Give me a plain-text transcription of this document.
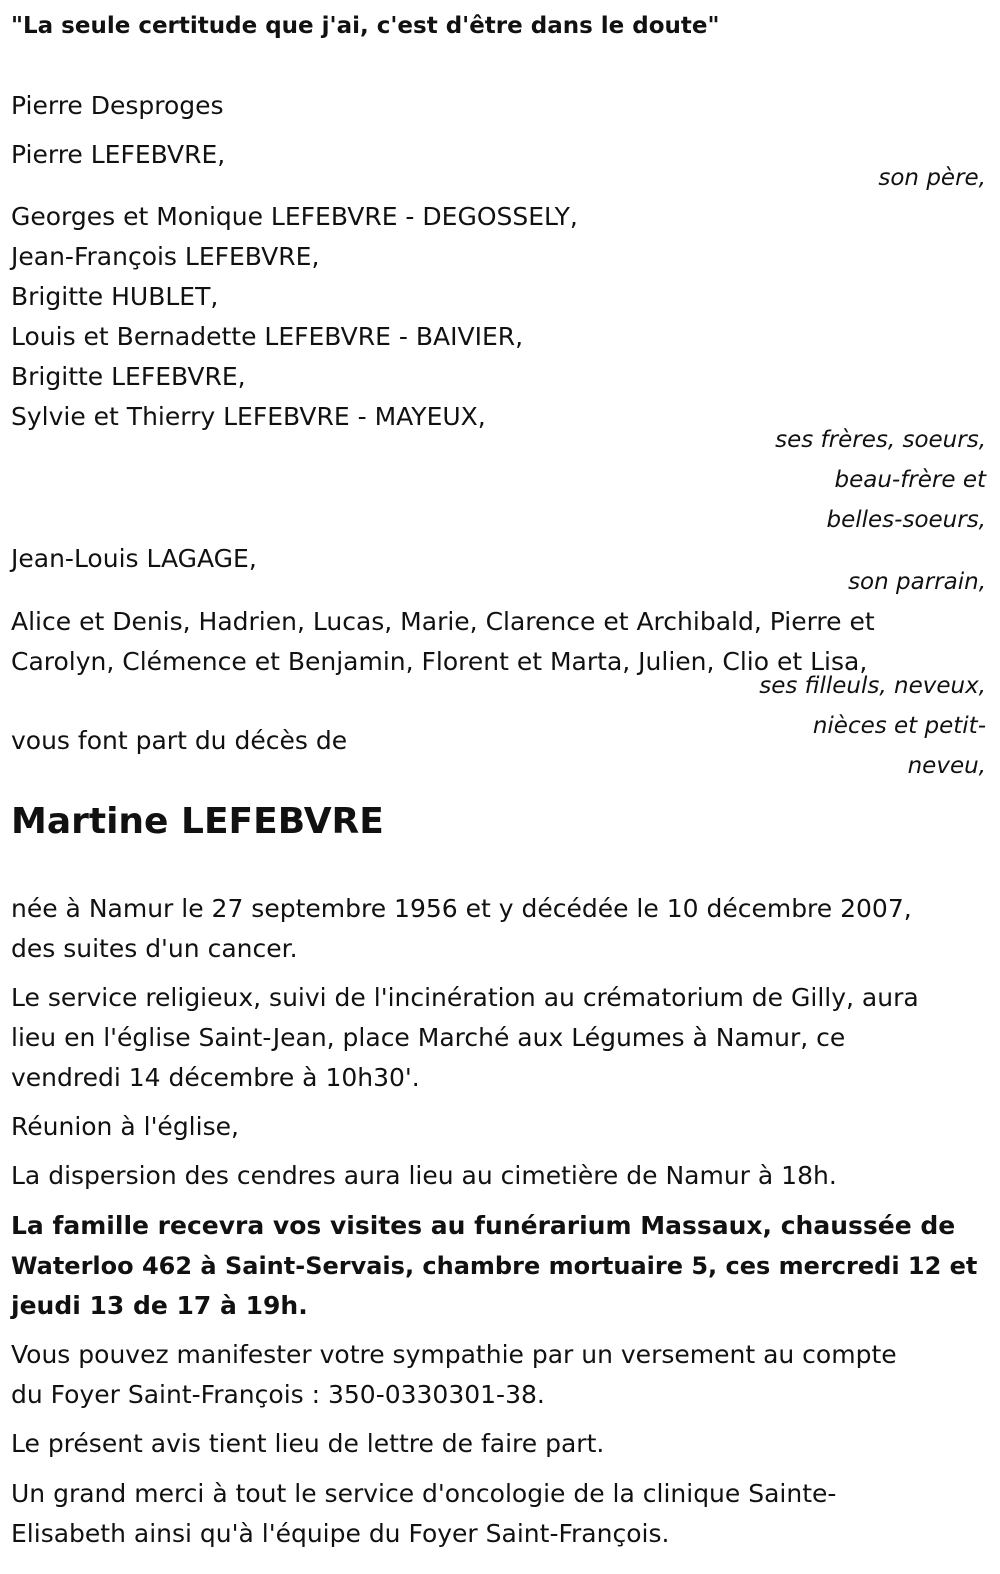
"La seule certitude que j'ai, c'est d'être dans le doute"
Pierre Desproges
Pierre LEFEBVRE,
son père,
Georges et Monique LEFEBVRE - DEGOSSELY,
Jean-François LEFEBVRE,
Brigitte HUBLET,
Louis et Bernadette LEFEBVRE - BAIVIER,
Brigitte LEFEBVRE,
Sylvie et Thierry LEFEBVRE - MAYEUX,
ses frères, soeurs,
beau-frère et
belles-soeurs,
Jean-Louis LAGAGE,
son parrain,
Alice et Denis, Hadrien, Lucas, Marie, Clarence et Archibald, Pierre et
Carolyn, Clémence et Benjamin, Florent et Marta, Julien, Clio et Lisa,
ses filleuls, neveux,
nièces et petit-
neveu,
vous font part du décès de
Martine LEFEBVRE
née à Namur le 27 septembre 1956 et y décédée le 10 décembre 2007,
des suites d'un cancer.
Le service religieux, suivi de l'incinération au crématorium de Gilly, aura
lieu en l'église Saint-Jean, place Marché aux Légumes à Namur, ce
vendredi 14 décembre à 10h30'.
Réunion à l'église,
La dispersion des cendres aura lieu au cimetière de Namur à 18h.
La famille recevra vos visites au funérarium Massaux, chaussée de
Waterloo 462 à Saint-Servais, chambre mortuaire 5, ces mercredi 12 et
jeudi 13 de 17 à 19h.
Vous pouvez manifester votre sympathie par un versement au compte
du Foyer Saint-François : 350-0330301-38.
Le présent avis tient lieu de lettre de faire part.
Un grand merci à tout le service d'oncologie de la clinique Sainte-
Elisabeth ainsi qu'à l'équipe du Foyer Saint-François.
